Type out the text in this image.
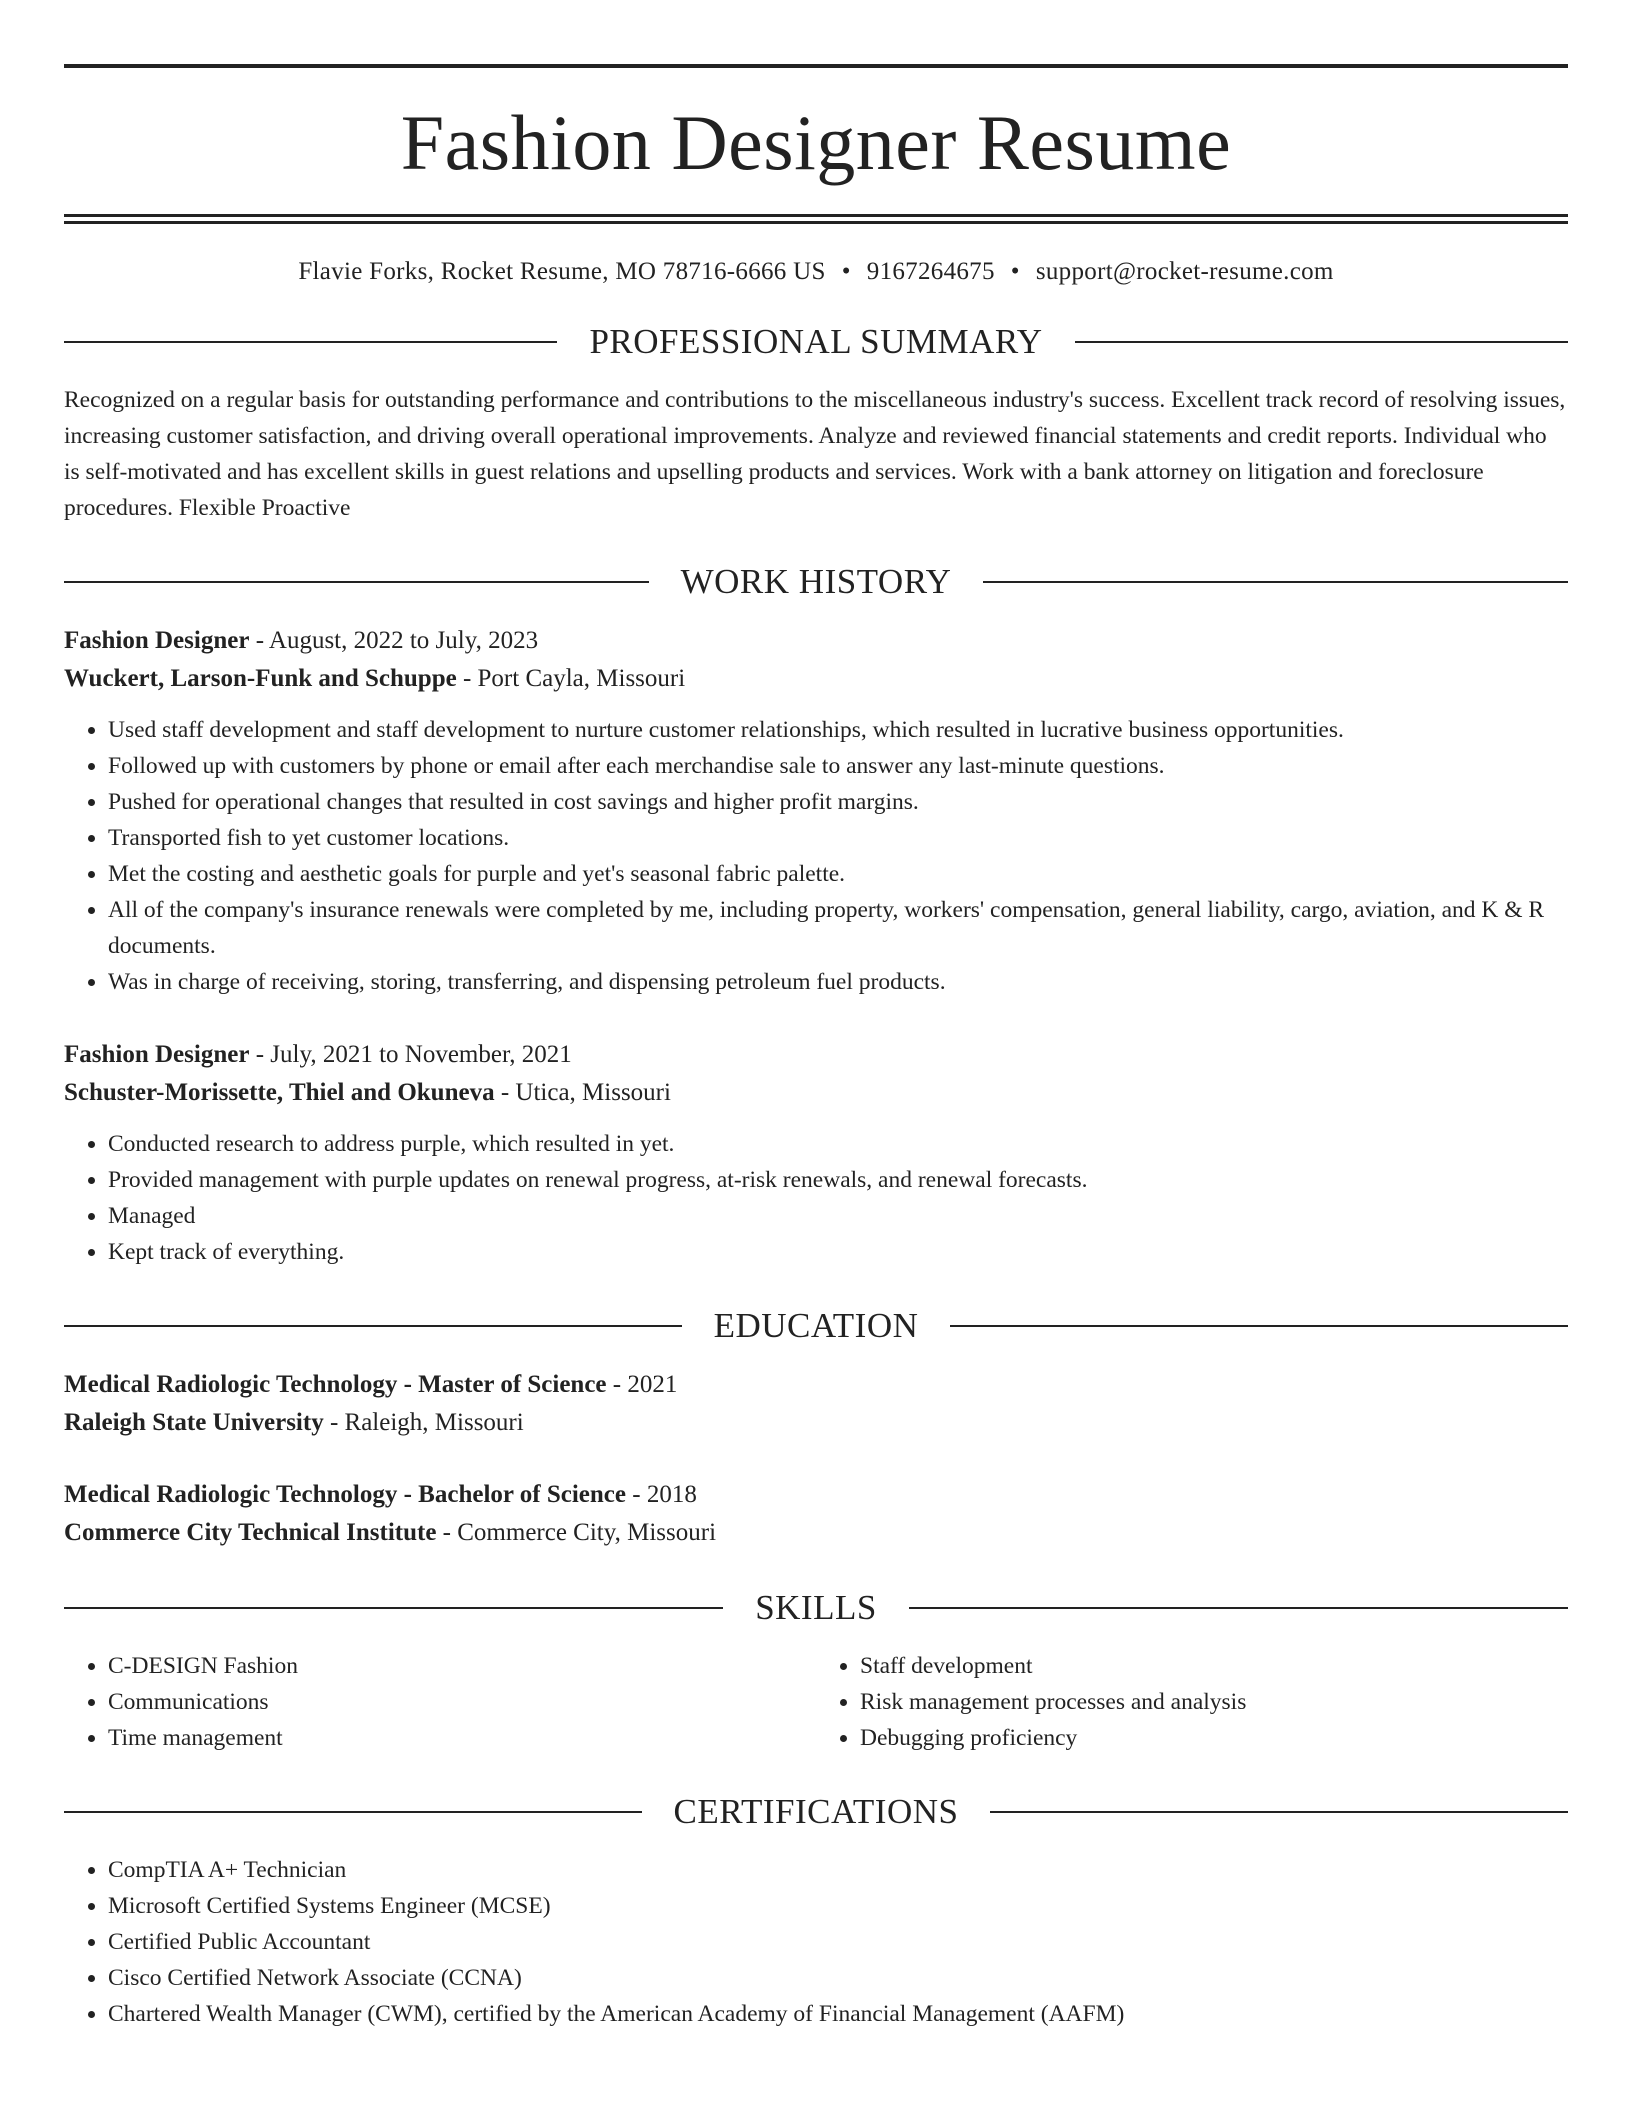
Fashion Designer Resume
Flavie Forks, Rocket Resume, MO 78716-6666 US • 9167264675 • support@rocket-resume.com
PROFESSIONAL SUMMARY

Recognized on a regular basis for outstanding performance and contributions to the miscellaneous industry's success. Excellent track record of resolving issues, increasing customer satisfaction, and driving overall operational improvements. Analyze and reviewed financial statements and credit reports. Individual who is self-motivated and has excellent skills in guest relations and upselling products and services. Work with a bank attorney on litigation and foreclosure procedures. Flexible Proactive

WORK HISTORY
Fashion Designer - August, 2022 to July, 2023
Wuckert, Larson-Funk and Schuppe - Port Cayla, Missouri
• Used staff development and staff development to nurture customer relationships, which resulted in lucrative business opportunities.
• Followed up with customers by phone or email after each merchandise sale to answer any last-minute questions.
• Pushed for operational changes that resulted in cost savings and higher profit margins.
• Transported fish to yet customer locations.
• Met the costing and aesthetic goals for purple and yet's seasonal fabric palette.
• All of the company's insurance renewals were completed by me, including property, workers' compensation, general liability, cargo, aviation, and K & R documents.
• Was in charge of receiving, storing, transferring, and dispensing petroleum fuel products.
Fashion Designer - July, 2021 to November, 2021
Schuster-Morissette, Thiel and Okuneva - Utica, Missouri
• Conducted research to address purple, which resulted in yet.
• Provided management with purple updates on renewal progress, at-risk renewals, and renewal forecasts.
• Managed
• Kept track of everything.
EDUCATION
Medical Radiologic Technology - Master of Science - 2021
Raleigh State University - Raleigh, Missouri
Medical Radiologic Technology - Bachelor of Science - 2018
Commerce City Technical Institute - Commerce City, Missouri
SKILLS
• C-DESIGN Fashion
• Communications
• Time management
• Staff development
• Risk management processes and analysis
• Debugging proficiency
CERTIFICATIONS
• CompTIA A+ Technician
• Microsoft Certified Systems Engineer (MCSE)
• Certified Public Accountant
• Cisco Certified Network Associate (CCNA)
• Chartered Wealth Manager (CWM), certified by the American Academy of Financial Management (AAFM)
